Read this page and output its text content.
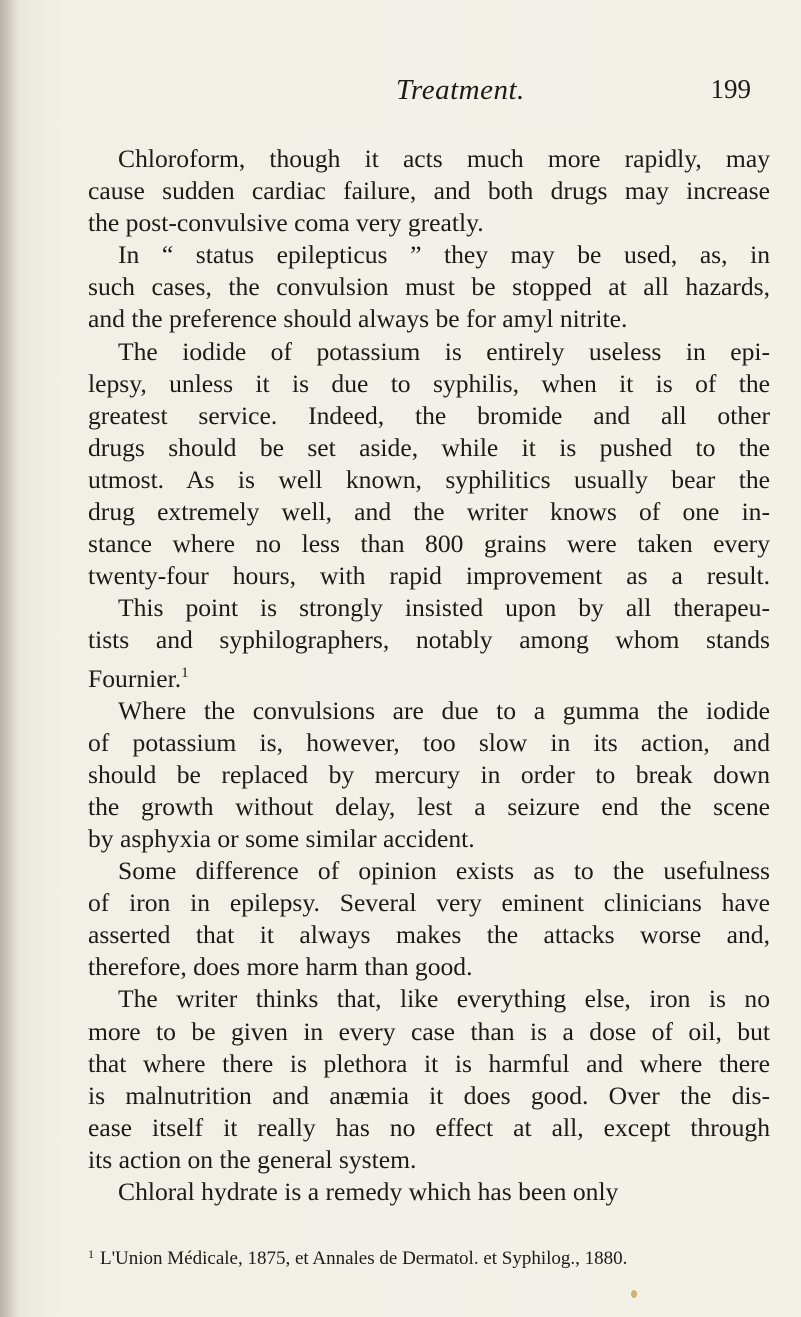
Treatment.	199
Chloroform, though it acts much more rapidly, may
cause sudden cardiac failure, and both drugs may increase
the post-convulsive coma very greatly.
In “ status epilepticus ” they may be used, as, in
such cases, the convulsion must be stopped at all hazards,
and the preference should always be for amyl nitrite.
The iodide of potassium is entirely useless in epi-
lepsy, unless it is due to syphilis, when it is of the
greatest service. Indeed, the bromide and all other
drugs should be set aside, while it is pushed to the
utmost. As is well known, syphilitics usually bear the
drug extremely well, and the writer knows of one in-
stance where no less than 800 grains were taken every
twenty-four hours, with rapid improvement as a result.
This point is strongly insisted upon by all therapeu-
tists and syphilographers, notably among whom stands
Fournier.$^1$
Where the convulsions are due to a gumma the iodide
of potassium is, however, too slow in its action, and
should be replaced by mercury in order to break down
the growth without delay, lest a seizure end the scene
by asphyxia or some similar accident.
Some difference of opinion exists as to the usefulness
of iron in epilepsy. Several very eminent clinicians have
asserted that it always makes the attacks worse and,
therefore, does more harm than good.
The writer thinks that, like everything else, iron is no
more to be given in every case than is a dose of oil, but
that where there is plethora it is harmful and where there
is malnutrition and anæmia it does good. Over the dis-
ease itself it really has no effect at all, except through
its action on the general system.
Chloral hydrate is a remedy which has been only
$^1$ L'Union Médicale, 1875, et Annales de Dermatol. et Syphilog., 1880.
